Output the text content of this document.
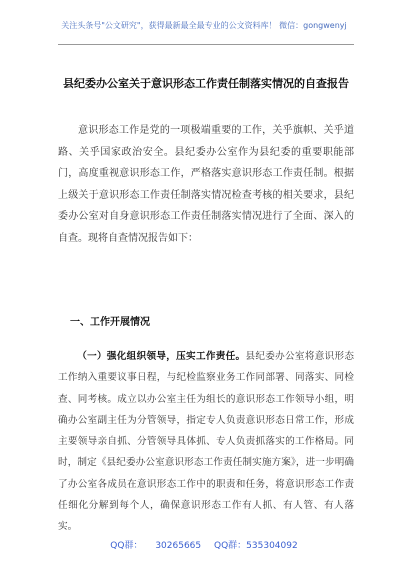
关注头条号"公文研究"，获得最新最全最专业的公文资料库！ 微信：gongwenyj
县纪委办公室关于意识形态工作责任制落实情况的自查报告

意识形态工作是党的一项极端重要的工作，关乎旗帜、关乎道路、关乎国家政治安全。县纪委办公室作为县纪委的重要职能部门，高度重视意识形态工作，严格落实意识形态工作责任制。根据上级关于意识形态工作责任制落实情况检查考核的相关要求，县纪委办公室对自身意识形态工作责任制落实情况进行了全面、深入的自查。现将自查情况报告如下：

一、工作开展情况

（一）强化组织领导，压实工作责任。县纪委办公室将意识形态工作纳入重要议事日程，与纪检监察业务工作同部署、同落实、同检查、同考核。成立以办公室主任为组长的意识形态工作领导小组，明确办公室副主任为分管领导，指定专人负责意识形态日常工作，形成主要领导亲自抓、分管领导具体抓、专人负责抓落实的工作格局。同时，制定《县纪委办公室意识形态工作责任制实施方案》，进一步明确了办公室各成员在意识形态工作中的职责和任务，将意识形态工作责任细化分解到每个人，确保意识形态工作有人抓、有人管、有人落实。

QQ群： 30265665 QQ群：535304092
